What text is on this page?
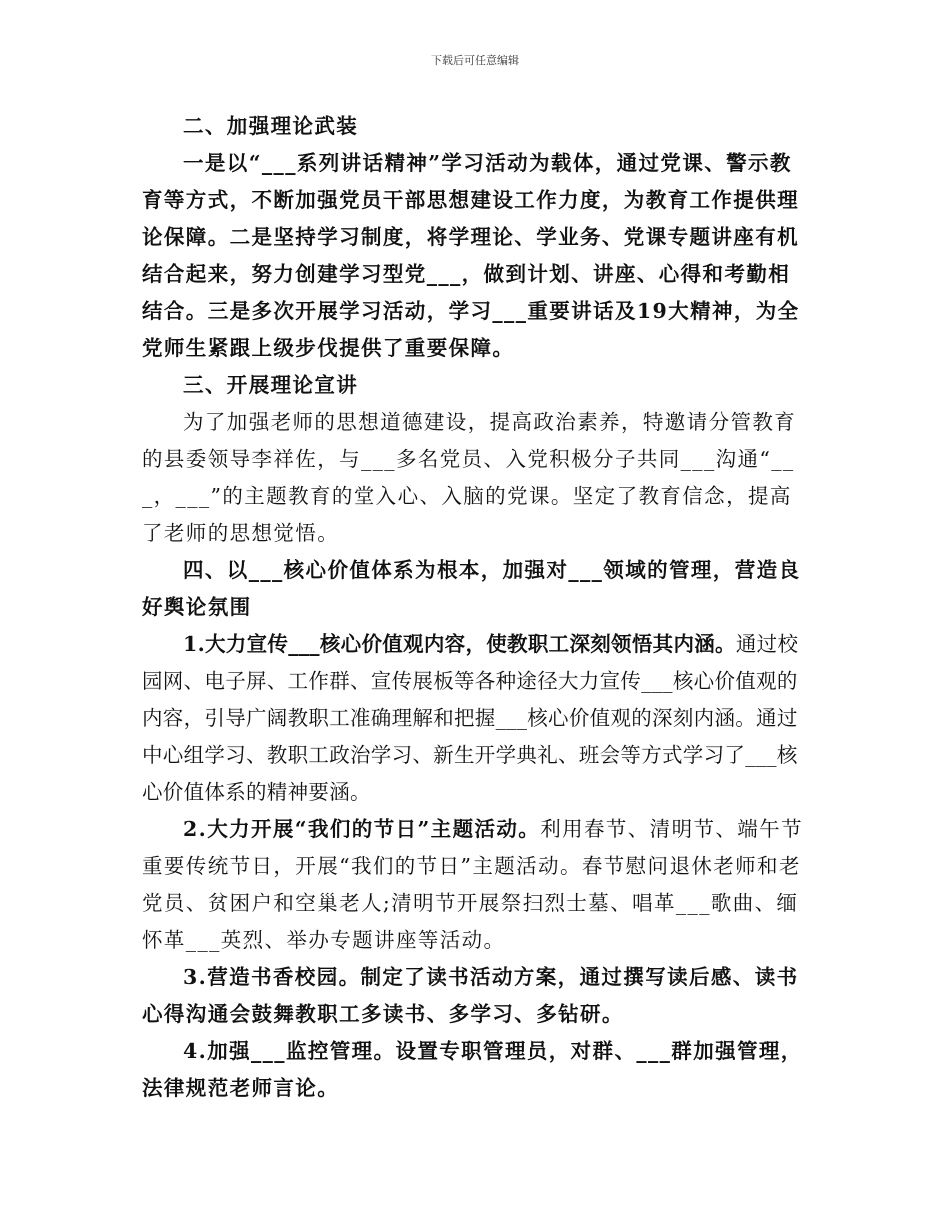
下载后可任意编辑

二、加强理论武装

一是以“___系列讲话精神”学习活动为载体，通过党课、警示教育等方式，不断加强党员干部思想建设工作力度，为教育工作提供理论保障。二是坚持学习制度，将学理论、学业务、党课专题讲座有机结合起来，努力创建学习型党___，做到计划、讲座、心得和考勤相结合。三是多次开展学习活动，学习___重要讲话及19大精神，为全党师生紧跟上级步伐提供了重要保障。

三、开展理论宣讲

为了加强老师的思想道德建设，提高政治素养，特邀请分管教育的县委领导李祥佐，与___多名党员、入党积极分子共同___沟通“___，___”的主题教育的堂入心、入脑的党课。坚定了教育信念，提高了老师的思想觉悟。

四、以___核心价值体系为根本，加强对___领域的管理，营造良好舆论氛围

1.大力宣传___核心价值观内容，使教职工深刻领悟其内涵。通过校园网、电子屏、工作群、宣传展板等各种途径大力宣传___核心价值观的内容，引导广阔教职工准确理解和把握___核心价值观的深刻内涵。通过中心组学习、教职工政治学习、新生开学典礼、班会等方式学习了___核心价值体系的精神要涵。

2.大力开展“我们的节日”主题活动。利用春节、清明节、端午节重要传统节日，开展“我们的节日”主题活动。春节慰问退休老师和老党员、贫困户和空巢老人;清明节开展祭扫烈士墓、唱革___歌曲、缅怀革___英烈、举办专题讲座等活动。

3.营造书香校园。制定了读书活动方案，通过撰写读后感、读书心得沟通会鼓舞教职工多读书、多学习、多钻研。

4.加强___监控管理。设置专职管理员，对群、___群加强管理，法律规范老师言论。
